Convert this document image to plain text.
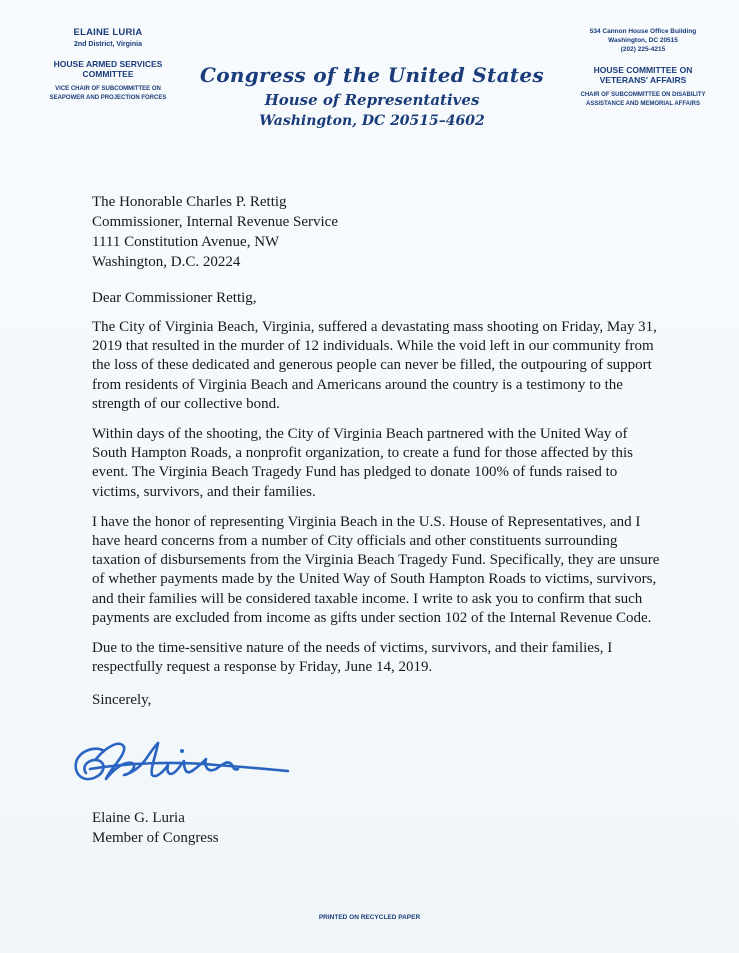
ELAINE LURIA
2nd District, Virginia
HOUSE ARMED SERVICES
COMMITTEE
VICE CHAIR OF SUBCOMMITTEE ON
SEAPOWER AND PROJECTION FORCES
Congress of the United States
House of Representatives
Washington, DC 20515–4602
534 Cannon House Office Building
Washington, DC 20515
(202) 225-4215
HOUSE COMMITTEE ON
VETERANS' AFFAIRS
CHAIR OF SUBCOMMITTEE ON DISABILITY
ASSISTANCE AND MEMORIAL AFFAIRS
The Honorable Charles P. Rettig
Commissioner, Internal Revenue Service
1111 Constitution Avenue, NW
Washington, D.C. 20224
Dear Commissioner Rettig,

The City of Virginia Beach, Virginia, suffered a devastating mass shooting on Friday, May 31, 2019 that resulted in the murder of 12 individuals. While the void left in our community from the loss of these dedicated and generous people can never be filled, the outpouring of support from residents of Virginia Beach and Americans around the country is a testimony to the strength of our collective bond.

Within days of the shooting, the City of Virginia Beach partnered with the United Way of South Hampton Roads, a nonprofit organization, to create a fund for those affected by this event. The Virginia Beach Tragedy Fund has pledged to donate 100% of funds raised to victims, survivors, and their families.

I have the honor of representing Virginia Beach in the U.S. House of Representatives, and I have heard concerns from a number of City officials and other constituents surrounding taxation of disbursements from the Virginia Beach Tragedy Fund. Specifically, they are unsure of whether payments made by the United Way of South Hampton Roads to victims, survivors, and their families will be considered taxable income. I write to ask you to confirm that such payments are excluded from income as gifts under section 102 of the Internal Revenue Code.

Due to the time-sensitive nature of the needs of victims, survivors, and their families, I respectfully request a response by Friday, June 14, 2019.

Sincerely,
Elaine G. Luria
Member of Congress
PRINTED ON RECYCLED PAPER
